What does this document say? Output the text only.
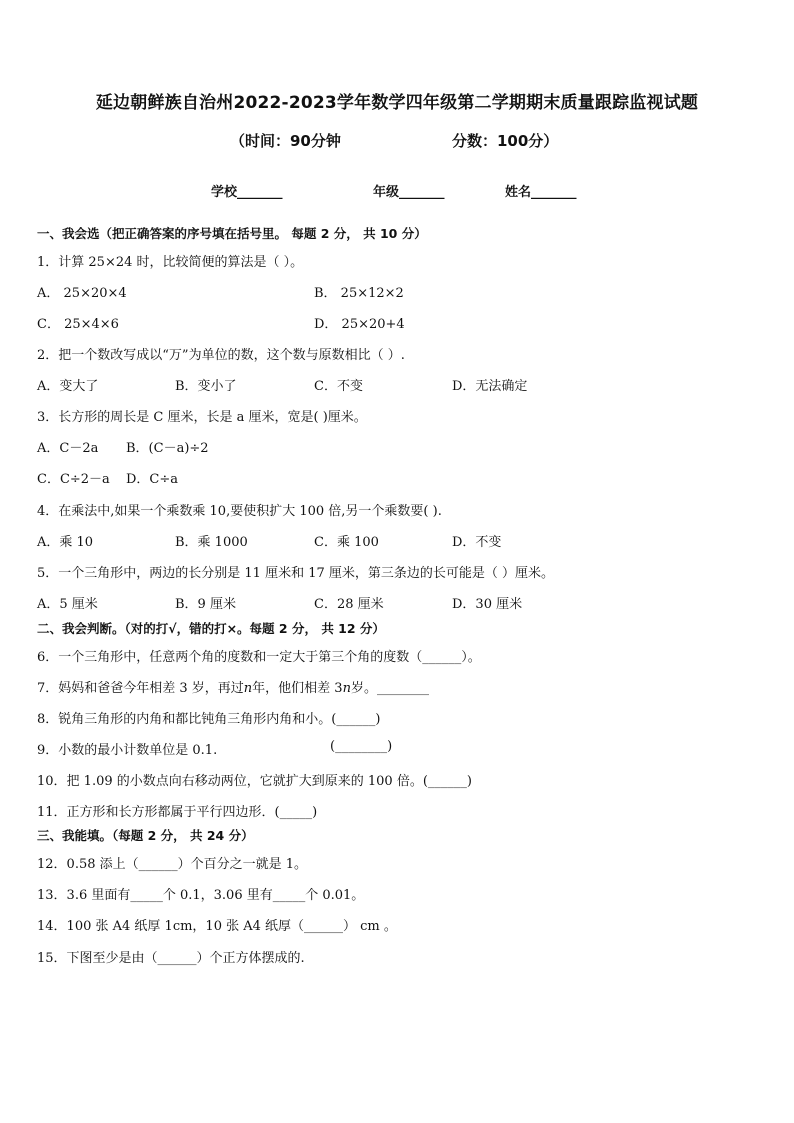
延边朝鲜族自治州2022-2023学年数学四年级第二学期期末质量跟踪监视试题
（时间：90分钟	分数：100分）
学校_______	年级_______	姓名_______
一、我会选（把正确答案的序号填在括号里。 每题 2 分， 共 10 分）
1．计算 25×24 时，比较简便的算法是（ ）。
A． 25×20×4	B． 25×12×2
C． 25×4×6	D． 25×20+4
2．把一个数改写成以“万”为单位的数，这个数与原数相比（ ）.
A．变大了	B．变小了	C．不变	D．无法确定
3．长方形的周长是 C 厘米，长是 a 厘米，宽是( )厘米。
A．C－2a B．(C－a)÷2
C．C÷2－a D．C÷a
4．在乘法中,如果一个乘数乘 10,要使积扩大 100 倍,另一个乘数要( ).
A．乘 10	B．乘 1000	C．乘 100	D．不变
5．一个三角形中，两边的长分别是 11 厘米和 17 厘米，第三条边的长可能是（ ）厘米。
A．5 厘米	B．9 厘米	C．28 厘米	D．30 厘米
二、我会判断。（对的打√，错的打×。每题 2 分， 共 12 分）
6．一个三角形中，任意两个角的度数和一定大于第三个角的度数（______）。
7．妈妈和爸爸今年相差 3 岁，再过𝑛年，他们相差 3𝑛岁。________
8．锐角三角形的内角和都比钝角三角形内角和小。(______)
9．小数的最小计数单位是 0.1.	(________)
10．把 1.09 的小数点向右移动两位，它就扩大到原来的 100 倍。(______)
11．正方形和长方形都属于平行四边形．(_____)
三、我能填。（每题 2 分， 共 24 分）
12．0.58 添上（______）个百分之一就是 1。
13．3.6 里面有_____个 0.1，3.06 里有_____个 0.01。
14．100 张 A4 纸厚 1cm，10 张 A4 纸厚（______） cm 。
15．下图至少是由（______）个正方体摆成的.
